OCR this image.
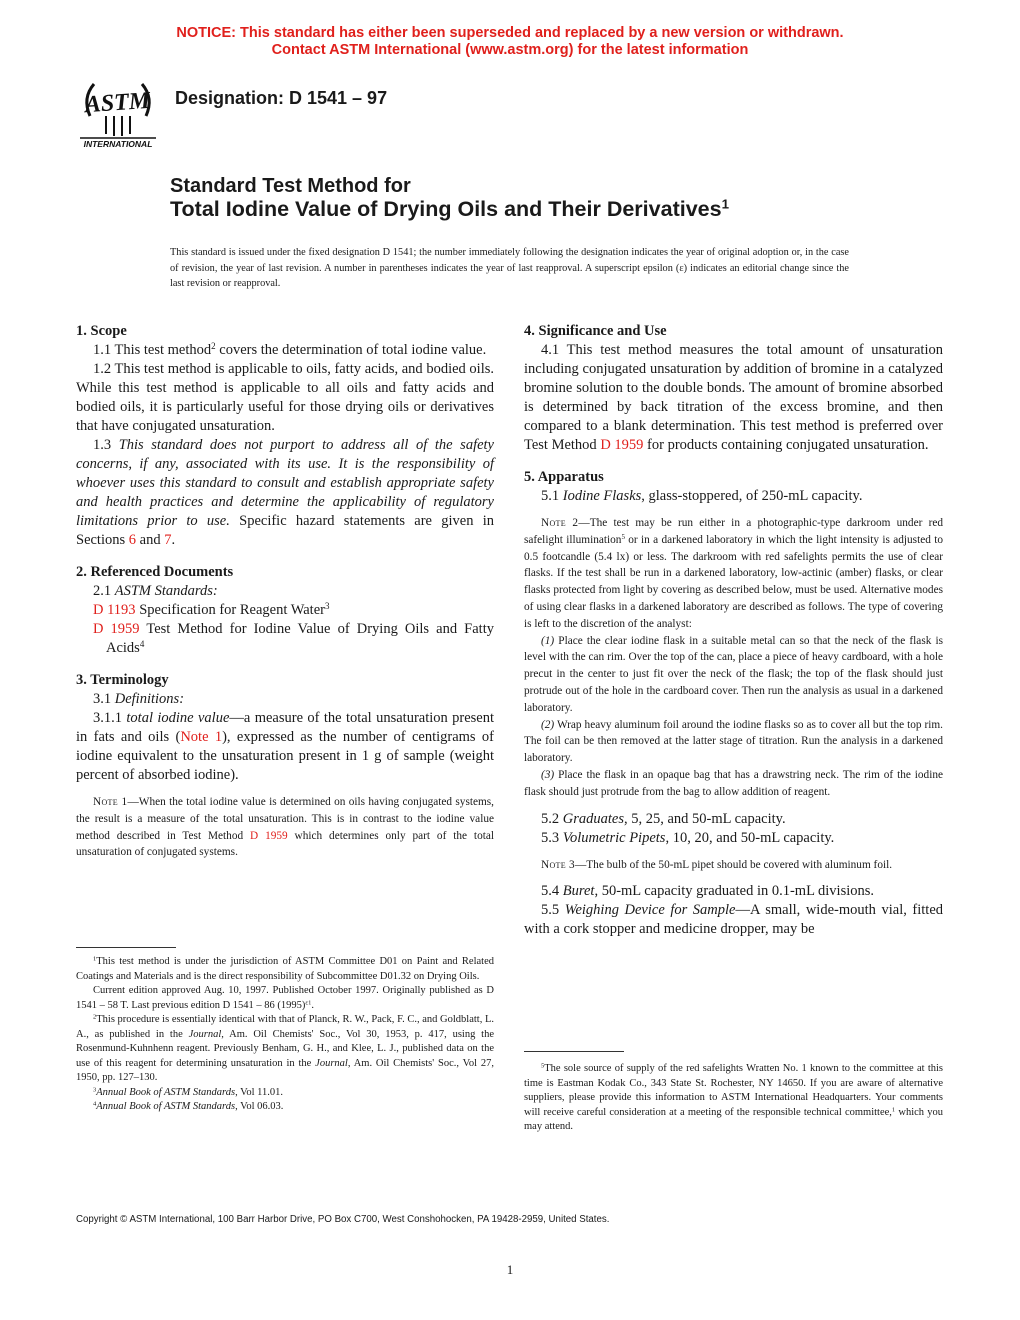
NOTICE: This standard has either been superseded and replaced by a new version or withdrawn.
Contact ASTM International (www.astm.org) for the latest information
ASTM
INTERNATIONAL
Designation: D 1541 – 97
Standard Test Method for
Total Iodine Value of Drying Oils and Their Derivatives$^1$
This standard is issued under the fixed designation D 1541; the number immediately following the designation indicates the year of original adoption or, in the case of revision, the year of last revision. A number in parentheses indicates the year of last reapproval. A superscript epsilon (ε) indicates an editorial change since the last revision or reapproval.

1. Scope

1.1 This test method$^2$ covers the determination of total iodine value.

1.2 This test method is applicable to oils, fatty acids, and bodied oils. While this test method is applicable to all oils and fatty acids and bodied oils, it is particularly useful for those drying oils or derivatives that have conjugated unsaturation.

1.3 This standard does not purport to address all of the safety concerns, if any, associated with its use. It is the responsibility of whoever uses this standard to consult and establish appropriate safety and health practices and determine the applicability of regulatory limitations prior to use. Specific hazard statements are given in Sections 6 and 7.

2. Referenced Documents

2.1 ASTM Standards:

D 1193 Specification for Reagent Water$^3$

D 1959 Test Method for Iodine Value of Drying Oils and Fatty Acids$^4$

3. Terminology

3.1 Definitions:

3.1.1 total iodine value—a measure of the total unsaturation present in fats and oils (Note 1), expressed as the number of centigrams of iodine equivalent to the unsaturation present in 1 g of sample (weight percent of absorbed iodine).

Note 1—When the total iodine value is determined on oils having conjugated systems, the result is a measure of the total unsaturation. This is in contrast to the iodine value method described in Test Method D 1959 which determines only part of the total unsaturation of conjugated systems.

$^1$This test method is under the jurisdiction of ASTM Committee D01 on Paint and Related Coatings and Materials and is the direct responsibility of Subcommittee D01.32 on Drying Oils.

Current edition approved Aug. 10, 1997. Published October 1997. Originally published as D 1541 – 58 T. Last previous edition D 1541 – 86 $(1995)^{\varepsilon 1}$.

$^2$This procedure is essentially identical with that of Planck, R. W., Pack, F. C., and Goldblatt, L. A., as published in the Journal, Am. Oil Chemists' Soc., Vol 30, 1953, p. 417, using the Rosenmund-Kuhnhenn reagent. Previously Benham, G. H., and Klee, L. J., published data on the use of this reagent for determining unsaturation in the Journal, Am. Oil Chemists' Soc., Vol 27, 1950, pp. 127–130.

$^3$Annual Book of ASTM Standards, Vol 11.01.

$^4$Annual Book of ASTM Standards, Vol 06.03.

4. Significance and Use

4.1 This test method measures the total amount of unsaturation including conjugated unsaturation by addition of bromine in a catalyzed bromine solution to the double bonds. The amount of bromine absorbed is determined by back titration of the excess bromine, and then compared to a blank determination. This test method is preferred over Test Method D 1959 for products containing conjugated unsaturation.

5. Apparatus

5.1 Iodine Flasks, glass-stoppered, of 250-mL capacity.

Note 2—The test may be run either in a photographic-type darkroom under red safelight illumination$^5$ or in a darkened laboratory in which the light intensity is adjusted to 0.5 footcandle (5.4 lx) or less. The darkroom with red safelights permits the use of clear flasks. If the test shall be run in a darkened laboratory, low-actinic (amber) flasks, or clear flasks protected from light by covering as described below, must be used. Alternative modes of using clear flasks in a darkened laboratory are described as follows. The type of covering is left to the discretion of the analyst:

(1) Place the clear iodine flask in a suitable metal can so that the neck of the flask is level with the can rim. Over the top of the can, place a piece of heavy cardboard, with a hole precut in the center to just fit over the neck of the flask; the top of the flask should just protrude out of the hole in the cardboard cover. Then run the analysis as usual in a darkened laboratory.

(2) Wrap heavy aluminum foil around the iodine flasks so as to cover all but the top rim. The foil can be then removed at the latter stage of titration. Run the analysis in a darkened laboratory.

(3) Place the flask in an opaque bag that has a drawstring neck. The rim of the iodine flask should just protrude from the bag to allow addition of reagent.

5.2 Graduates, 5, 25, and 50-mL capacity.

5.3 Volumetric Pipets, 10, 20, and 50-mL capacity.

Note 3—The bulb of the 50-mL pipet should be covered with aluminum foil.

5.4 Buret, 50-mL capacity graduated in 0.1-mL divisions.

5.5 Weighing Device for Sample—A small, wide-mouth vial, fitted with a cork stopper and medicine dropper, may be

$^5$The sole source of supply of the red safelights Wratten No. 1 known to the committee at this time is Eastman Kodak Co., 343 State St. Rochester, NY 14650. If you are aware of alternative suppliers, please provide this information to ASTM International Headquarters. Your comments will receive careful consideration at a meeting of the responsible technical committee,$^1$ which you may attend.

Copyright © ASTM International, 100 Barr Harbor Drive, PO Box C700, West Conshohocken, PA 19428-2959, United States.
1
